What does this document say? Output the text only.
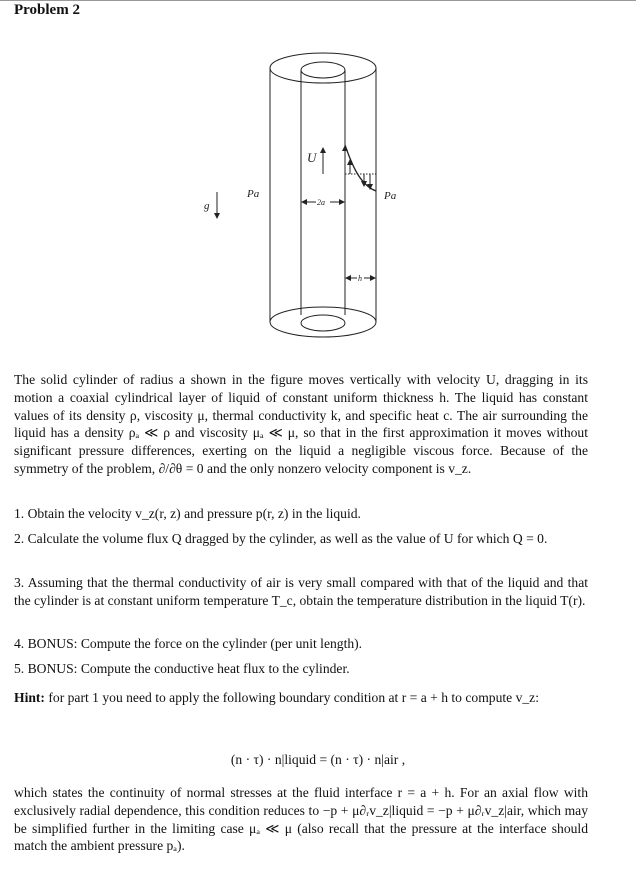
Problem 2
U
g
Pa	Pa
2a
h
The solid cylinder of radius a shown in the figure moves vertically with velocity U, dragging in its motion a coaxial cylindrical layer of liquid of constant uniform thickness h. The liquid has constant values of its density ρ, viscosity μ, thermal conductivity k, and specific heat c. The air surrounding the liquid has a density ρₐ ≪ ρ and viscosity μₐ ≪ μ, so that in the first approximation it moves without significant pressure differences, exerting on the liquid a negligible viscous force. Because of the symmetry of the problem, ∂/∂θ = 0 and the only nonzero velocity component is v_z.
1. Obtain the velocity v_z(r, z) and pressure p(r, z) in the liquid.
2. Calculate the volume flux Q dragged by the cylinder, as well as the value of U for which Q = 0.
3. Assuming that the thermal conductivity of air is very small compared with that of the liquid and that the cylinder is at constant uniform temperature T_c, obtain the temperature distribution in the liquid T(r).
4. BONUS: Compute the force on the cylinder (per unit length).
5. BONUS: Compute the conductive heat flux to the cylinder.
Hint: for part 1 you need to apply the following boundary condition at r = a + h to compute v_z:
(n · τ) · n|liquid = (n · τ) · n|air ,
which states the continuity of normal stresses at the fluid interface r = a + h. For an axial flow with exclusively radial dependence, this condition reduces to −p + μ∂ᵣv_z|liquid = −p + μ∂ᵣv_z|air, which may be simplified further in the limiting case μₐ ≪ μ (also recall that the pressure at the interface should match the ambient pressure pₐ).
